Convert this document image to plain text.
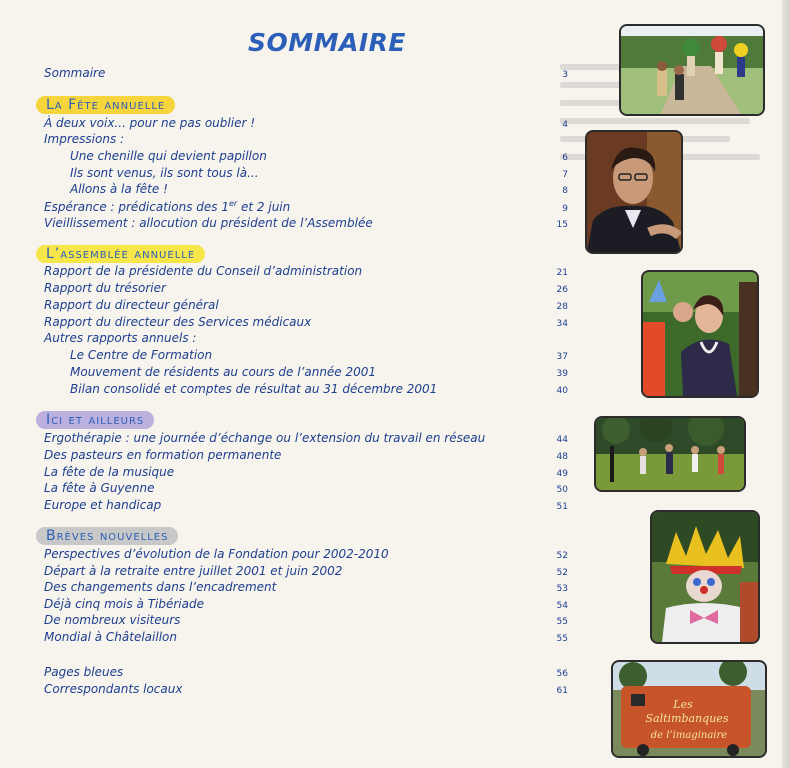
SOMMAIRE
Sommaire	3
La Fête annuelle
À deux voix... pour ne pas oublier !	4
Impressions :
Une chenille qui devient papillon	6
Ils sont venus, ils sont tous là...	7
Allons à la fête !	8
Espérance : prédications des 1er et 2 juin	9
Vieillissement : allocution du président de l’Assemblée	15
L’assemblée annuelle
Rapport de la présidente du Conseil d’administration	21
Rapport du trésorier	26
Rapport du directeur général	28
Rapport du directeur des Services médicaux	34
Autres rapports annuels :
Le Centre de Formation	37
Mouvement de résidents au cours de l’année 2001	39
Bilan consolidé et comptes de résultat au 31 décembre 2001	40
Ici et ailleurs
Ergothérapie : une journée d’échange ou l’extension du travail en réseau	44
Des pasteurs en formation permanente	48
La fête de la musique	49
La fête à Guyenne	50
Europe et handicap	51
Brèves nouvelles
Perspectives d’évolution de la Fondation pour 2002-2010	52
Départ à la retraite entre juillet 2001 et juin 2002	52
Des changements dans l’encadrement	53
Déjà cinq mois à Tibériade	54
De nombreux visiteurs	55
Mondial à Châtelaillon	55
Pages bleues	56
Correspondants locaux	61
Les
Saltimbanques
de l’imaginaire
